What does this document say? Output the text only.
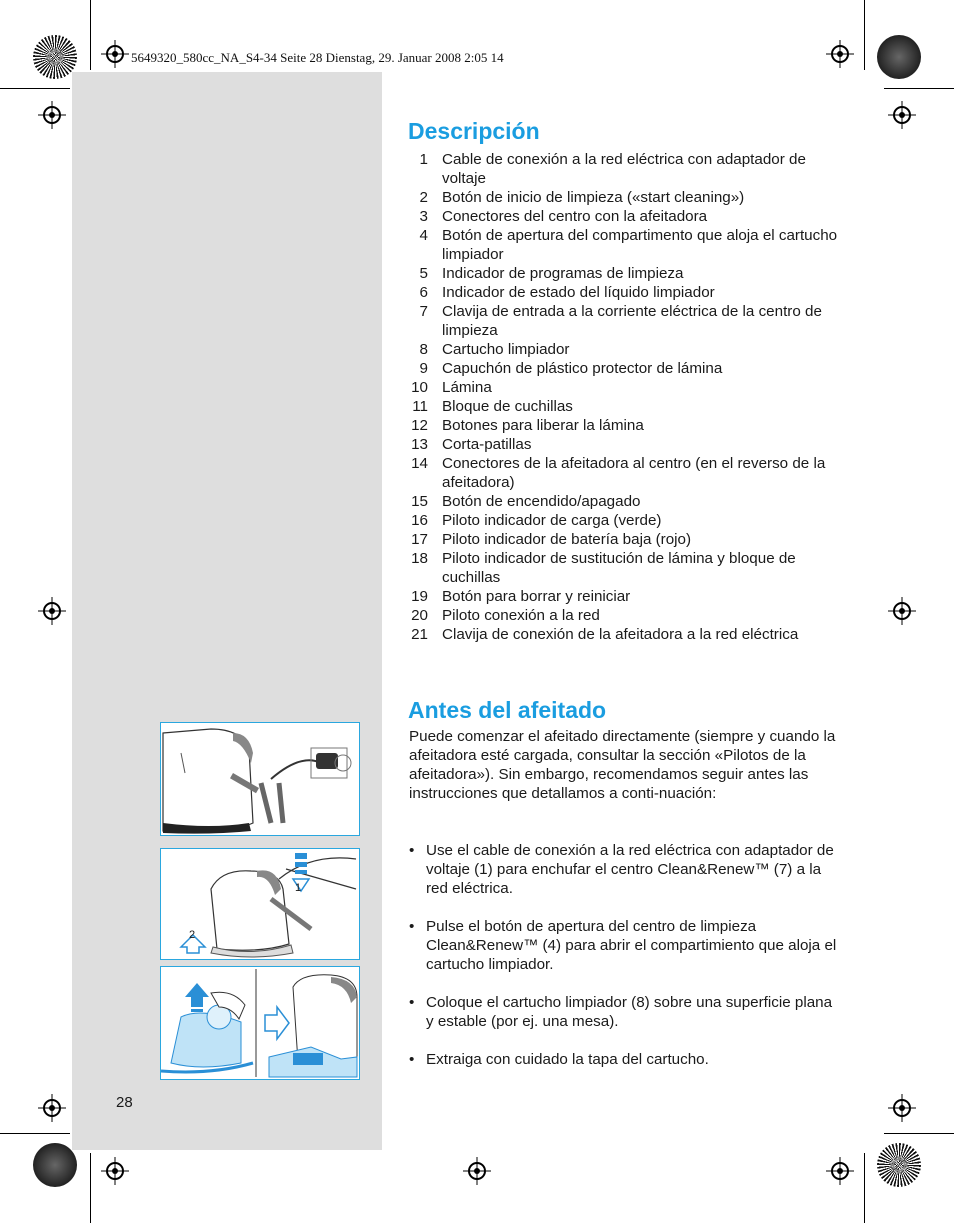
5649320_580cc_NA_S4-34 Seite 28 Dienstag, 29. Januar 2008 2:05 14
Descripción
1 Cable de conexión a la red eléctrica con adaptador de voltaje
2 Botón de inicio de limpieza («start cleaning»)
3 Conectores del centro con la afeitadora
4 Botón de apertura del compartimento que aloja el cartucho limpiador
5 Indicador de programas de limpieza
6 Indicador de estado del líquido limpiador
7 Clavija de entrada a la corriente eléctrica de la centro de limpieza
8 Cartucho limpiador
9 Capuchón de plástico protector de lámina
10 Lámina
11 Bloque de cuchillas
12 Botones para liberar la lámina
13 Corta-patillas
14 Conectores de la afeitadora al centro (en el reverso de la afeitadora)
15 Botón de encendido/apagado
16 Piloto indicador de carga (verde)
17 Piloto indicador de batería baja (rojo)
18 Piloto indicador de sustitución de lámina y bloque de cuchillas
19 Botón para borrar y reiniciar
20 Piloto conexión a la red
21 Clavija de conexión de la afeitadora a la red eléctrica
Antes del afeitado

Puede comenzar el afeitado directamente (siempre y cuando la afeitadora esté cargada, consultar la sección «Pilotos de la afeitadora»). Sin embargo, recomendamos seguir antes las instrucciones que detallamos a conti-nuación:

• Use el cable de conexión a la red eléctrica con adaptador de voltaje (1) para enchufar el centro Clean&Renew™ (7) a la red eléctrica.
• Pulse el botón de apertura del centro de limpieza Clean&Renew™ (4) para abrir el compartimiento que aloja el cartucho limpiador.
• Coloque el cartucho limpiador (8) sobre una superficie plana y estable (por ej. una mesa).
• Extraiga con cuidado la tapa del cartucho.
1
2
28
